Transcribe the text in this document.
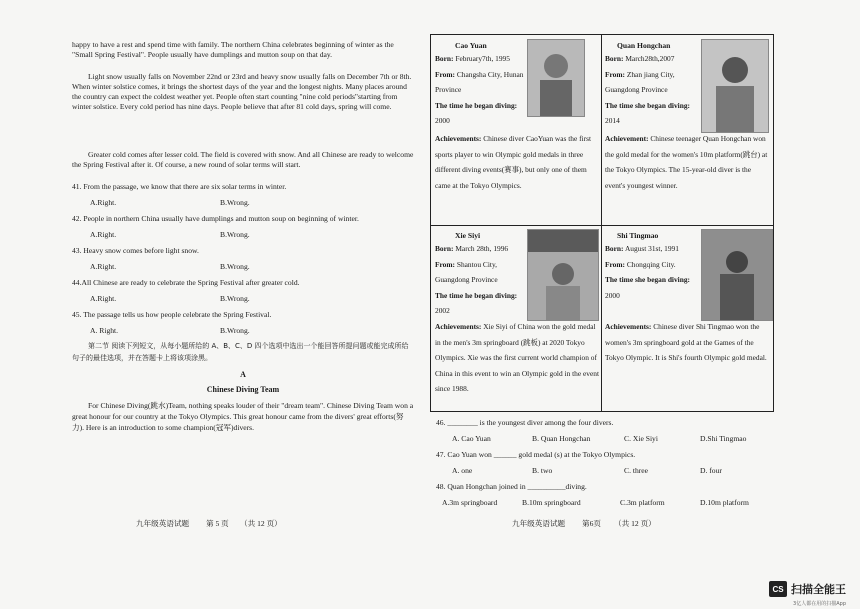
happy to have a rest and spend time with family. The northern China celebrates beginning of winter as the "Small Spring Festival". People usually have dumplings and mutton soup on that day.

Light snow usually falls on November 22nd or 23rd and heavy snow usually falls on December 7th or 8th. When winter solstice comes, it brings the shortest days of the year and the longest nights. Many places around the country can expect the coldest weather yet. People often start counting "nine cold periods"starting from winter solstice. Every cold period has nine days. People believe that after 81 cold days, spring will come.

Greater cold comes after lesser cold. The field is covered with snow. And all Chinese are ready to welcome the Spring Festival after it. Of course, a new round of solar terms will start.

41. From the passage, we know that there are six solar terms in winter.
A.Right.	B.Wrong.
42. People in northern China usually have dumplings and mutton soup on beginning of winter.
A.Right.	B.Wrong.
43. Heavy snow comes before light snow.
A.Right.	B.Wrong.
44.All Chinese are ready to celebrate the Spring Festival after greater cold.
A.Right.	B.Wrong.
45. The passage tells us how people celebrate the Spring Festival.
A. Right.	B.Wrong.

第二节 阅读下列短文，从每小题所给的 A、B、C、D 四个选项中选出一个能回答所提问题或能完成所给句子的最佳选项，并在答题卡上将该项涂黑。

A
Chinese Diving Team

For Chinese Diving(跳水)Team, nothing speaks louder of their "dream team". Chinese Diving Team won a great honour for our country at the Tokyo Olympics. This great honour came from the divers' great efforts(努力). Here is an introduction to some champion(冠军)divers.

九年级英语试题 第 5 页 （共 12 页）
Cao Yuan
Born: February7th, 1995
From: Changsha City, Hunan Province
The time he began diving: 2000
Achievements: Chinese diver CaoYuan was the first sports player to win Olympic gold medals in three different diving events(赛事), but only one of them came at the Tokyo Olympics.
Quan Hongchan
Born: March28th,2007
From: Zhan jiang City, Guangdong Province
The time she began diving: 2014
Achievement: Chinese teenager Quan Hongchan won the gold medal for the women's 10m platform(跳台) at the Tokyo Olympics. The 15-year-old diver is the event's youngest winner.
Xie Siyi
Born: March 28th, 1996
From: Shantou City, Guangdong Province
The time he began diving: 2002
Achievements: Xie Siyi of China won the gold medal in the men's 3m springboard (跳板) at 2020 Tokyo Olympics. Xie was the first current world champion of China in this event to win an Olympic gold in the event since 1988.
Shi Tingmao
Born: August 31st, 1991
From: Chongqing City.
The time she began diving: 2000
Achievements: Chinese diver Shi Tingmao won the women's 3m springboard gold at the Games of the Tokyo Olympic. It is Shi's fourth Olympic gold medal.
46. ________ is the youngest diver among the four divers.
A. Cao Yuan	B. Quan Hongchan	C. Xie Siyi	D.Shi Tingmao
47. Cao Yuan won ______ gold medal (s) at the Tokyo Olympics.
A. one	B. two	C. three	D. four
48. Quan Hongchan joined in __________diving.
A.3m springboard	B.10m springboard	C.3m platform	D.10m platform
九年级英语试题 第6页 （共 12 页）
CS 扫描全能王
3亿人都在用的扫描App
